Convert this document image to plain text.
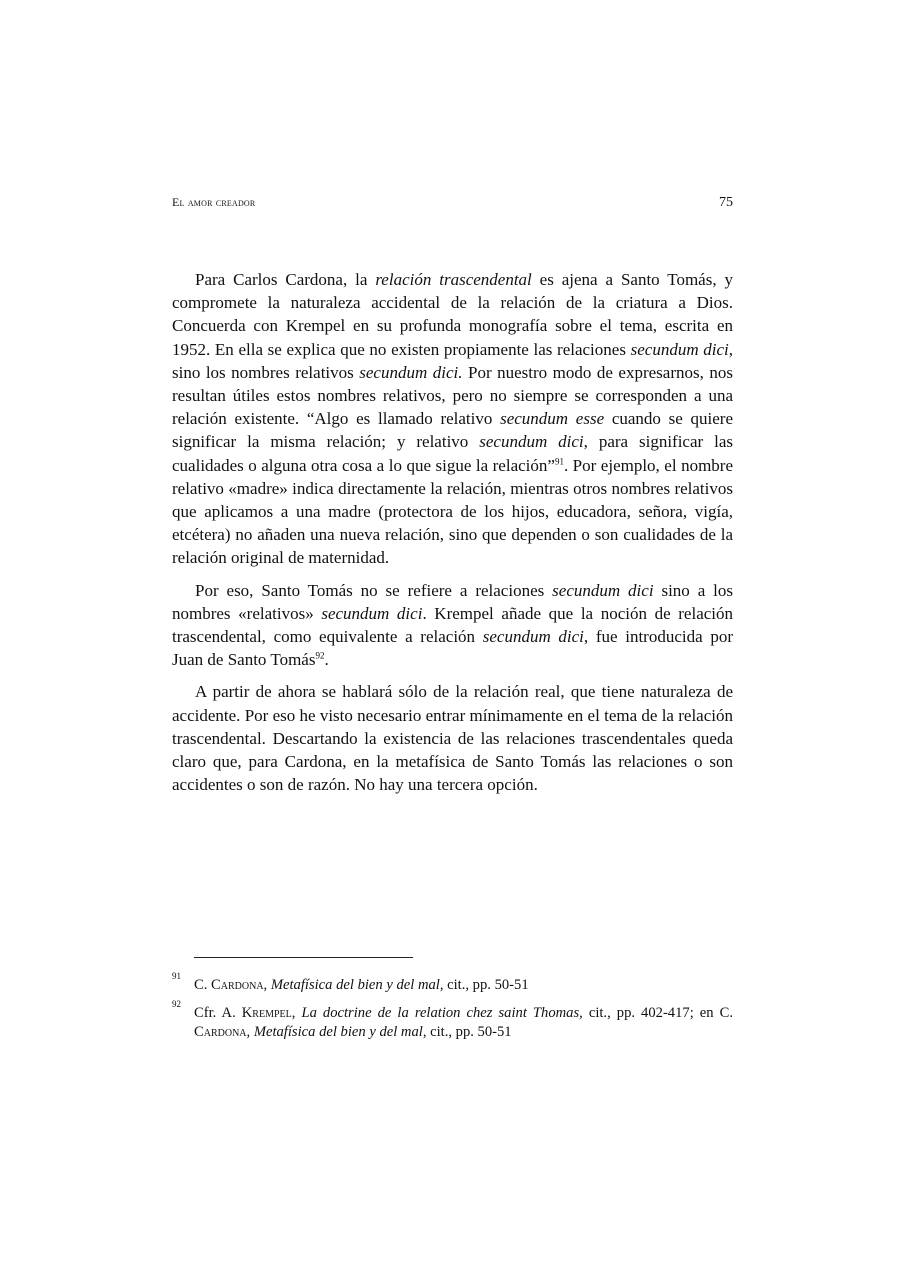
El amor creador	75

Para Carlos Cardona, la relación trascendental es ajena a Santo Tomás, y compromete la naturaleza accidental de la relación de la criatura a Dios. Concuerda con Krempel en su profunda monografía sobre el tema, escrita en 1952. En ella se explica que no existen propiamente las relaciones secundum dici, sino los nombres relativos secundum dici. Por nuestro modo de expresarnos, nos resultan útiles estos nombres relativos, pero no siempre se corresponden a una relación existente. “Algo es llamado relativo secundum esse cuando se quiere significar la misma relación; y relativo secundum dici, para significar las cualidades o alguna otra cosa a lo que sigue la relación”$^{91}$. Por ejemplo, el nombre relativo «madre» indica directamente la relación, mientras otros nombres relativos que aplicamos a una madre (protectora de los hijos, educadora, señora, vigía, etcétera) no añaden una nueva relación, sino que dependen o son cualidades de la relación original de maternidad.

Por eso, Santo Tomás no se refiere a relaciones secundum dici sino a los nombres «relativos» secundum dici. Krempel añade que la noción de relación trascendental, como equivalente a relación secundum dici, fue introducida por Juan de Santo Tomás$^{92}$.

A partir de ahora se hablará sólo de la relación real, que tiene naturaleza de accidente. Por eso he visto necesario entrar mínimamente en el tema de la relación trascendental. Descartando la existencia de las relaciones trascendentales queda claro que, para Cardona, en la metafísica de Santo Tomás las relaciones o son accidentes o son de razón. No hay una tercera opción.

91
C. Cardona, Metafísica del bien y del mal, cit., pp. 50-51
92
Cfr. A. Krempel, La doctrine de la relation chez saint Thomas, cit., pp. 402-417; en C. Cardona, Metafísica del bien y del mal, cit., pp. 50-51
